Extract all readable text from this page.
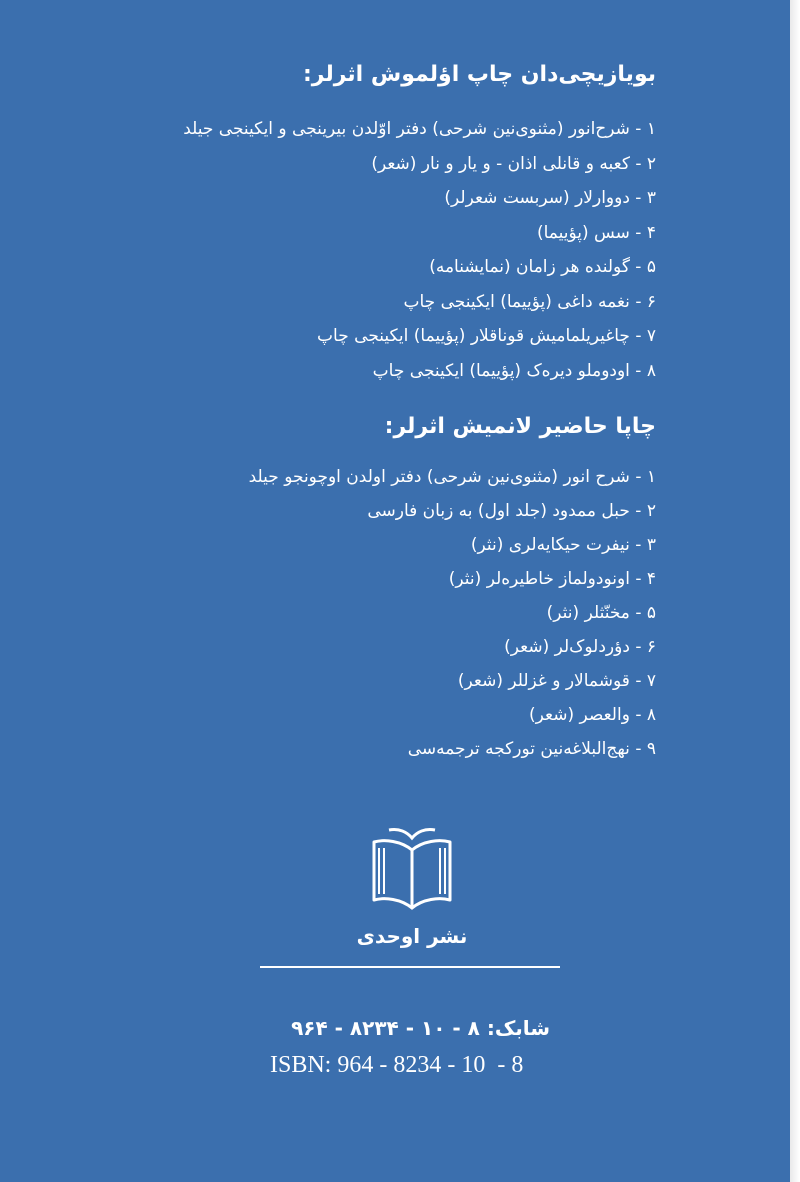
بویازیچی‌دان چاپ اؤلموش اثرلر:
۱ - شرح‌انور (مثنوی‌نین شرحی) دفتر اوّلدن بیرینجی و ایکینجی جیلد
۲ - کعبه و قانلی اذان - و یار و نار (شعر)
۳ - دووارلار (سربست شعرلر)
۴ - سس (پؤییما)
۵ - گولنده هر زامان (نمایشنامه)
۶ - نغمه داغی (پؤییما) ایکینجی چاپ
۷ - چاغیریلمامیش قوناقلار (پؤییما) ایکینجی چاپ
۸ - اودوملو دیره‌ک (پؤییما) ایکینجی چاپ
چاپا حاضیر لانمیش اثرلر:
۱ - شرح انور (مثنوی‌نین شرحی) دفتر اولدن اوچونجو جیلد
۲ - حبل ممدود (جلد اول) به زبان فارسی
۳ - نیفرت حیکایه‌لری (نثر)
۴ - اونودولماز خاطیره‌لر (نثر)
۵ - مخنّثلر (نثر)
۶ - دؤردلوک‌لر (شعر)
۷ - قوشمالار و غزللر (شعر)
۸ - والعصر (شعر)
۹ - نهج‌البلاغه‌نین تورکجه ترجمه‌سی
نشر اوحدی
شابک: ۸ - ۱۰ - ۸۲۳۴ - ۹۶۴
ISBN: 964 - 8234 - 10  - 8
